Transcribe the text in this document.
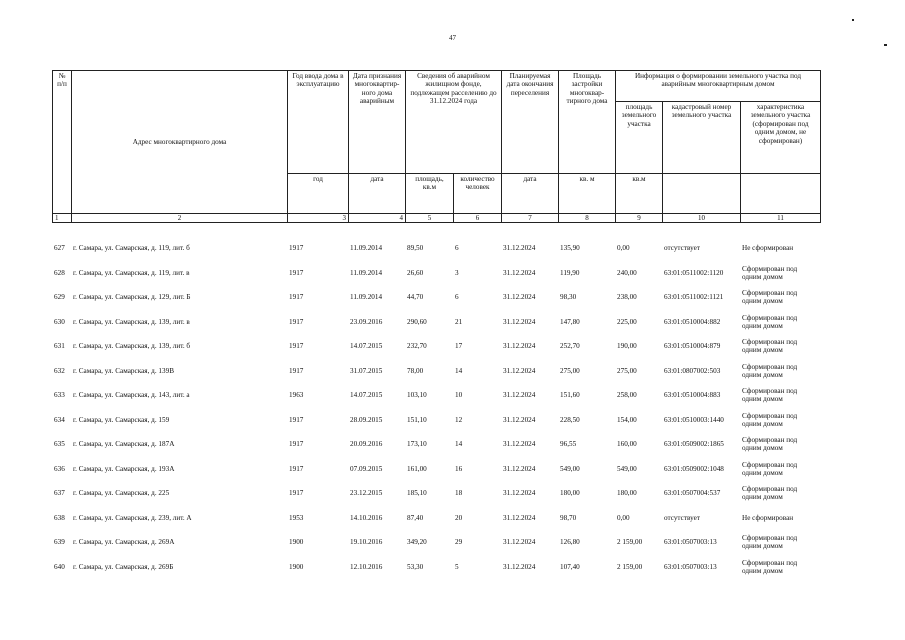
47
№ п/п	Адрес многоквартирного дома	Год ввода дома в эксплуатацию	Дата признания многоквартир-ного дома аварийным	Сведения об аварийном жилищном фонде, подлежащем расселению до 31.12.2024 года		Планируемая дата окончания переселения	Площадь застройки многоквар-тирного дома	Информация о формировании земельного участка под аварийным многоквартирным домом		
								площадь земельного участка	кадастровый номер земельного участка	характеристика земельного участка (сформирован под одним домом, не сформирован)
		год	дата	площадь, кв.м	количество человек	дата	кв. м	кв.м		
1	2	3	4	5	6	7	8	9	10	11
627	г. Самара, ул. Самарская, д. 119, лит. б	1917	11.09.2014	89,50	6	31.12.2024	135,90	0,00	отсутствует	Не сформирован
628	г. Самара, ул. Самарская, д. 119, лит. в	1917	11.09.2014	26,60	3	31.12.2024	119,90	240,00	63:01:0511002:1120	Сформирован под одним домом
629	г. Самара, ул. Самарская, д. 129, лит. Б	1917	11.09.2014	44,70	6	31.12.2024	98,30	238,00	63:01:0511002:1121	Сформирован под одним домом
630	г. Самара, ул. Самарская, д. 139, лит. в	1917	23.09.2016	290,60	21	31.12.2024	147,80	225,00	63:01:0510004:882	Сформирован под одним домом
631	г. Самара, ул. Самарская, д. 139, лит. б	1917	14.07.2015	232,70	17	31.12.2024	252,70	190,00	63:01:0510004:879	Сформирован под одним домом
632	г. Самара, ул. Самарская, д. 139В	1917	31.07.2015	78,00	14	31.12.2024	275,00	275,00	63:01:0807002:503	Сформирован под одним домом
633	г. Самара, ул. Самарская, д. 143, лит. а	1963	14.07.2015	103,10	10	31.12.2024	151,60	258,00	63:01:0510004:883	Сформирован под одним домом
634	г. Самара, ул. Самарская, д. 159	1917	28.09.2015	151,10	12	31.12.2024	228,50	154,00	63:01:0510003:1440	Сформирован под одним домом
635	г. Самара, ул. Самарская, д. 187А	1917	20.09.2016	173,10	14	31.12.2024	96,55	160,00	63:01:0509002:1865	Сформирован под одним домом
636	г. Самара, ул. Самарская, д. 193А	1917	07.09.2015	161,00	16	31.12.2024	549,00	549,00	63:01:0509002:1048	Сформирован под одним домом
637	г. Самара, ул. Самарская, д. 225	1917	23.12.2015	185,10	18	31.12.2024	180,00	180,00	63:01:0507004:537	Сформирован под одним домом
638	г. Самара, ул. Самарская, д. 239, лит. А	1953	14.10.2016	87,40	20	31.12.2024	98,70	0,00	отсутствует	Не сформирован
639	г. Самара, ул. Самарская, д. 269А	1900	19.10.2016	349,20	29	31.12.2024	126,80	2 159,00	63:01:0507003:13	Сформирован под одним домом
640	г. Самара, ул. Самарская, д. 269Б	1900	12.10.2016	53,30	5	31.12.2024	107,40	2 159,00	63:01:0507003:13	Сформирован под одним домом
